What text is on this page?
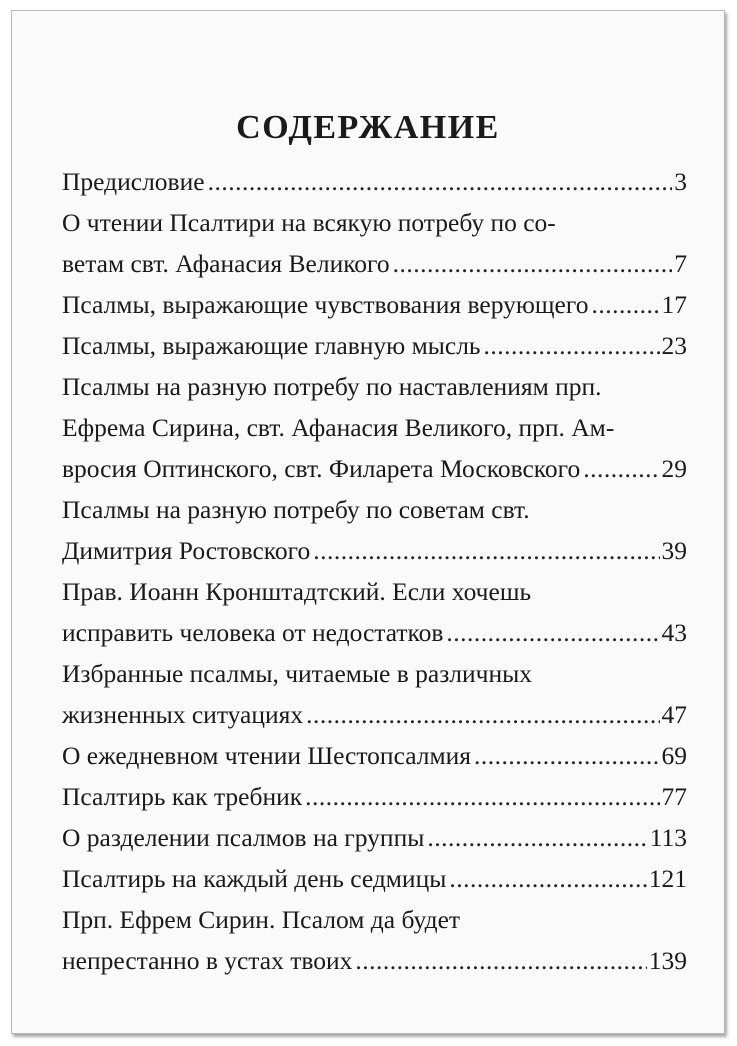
СОДЕРЖАНИЕ
Предисловие .....	3
О чтении Псалтири на всякую потребу по со-
ветам свт. Афанасия Великого .....	7
Псалмы, выражающие чувствования верующего .....	17
Псалмы, выражающие главную мысль .....	23
Псалмы на разную потребу по наставлениям прп.
Ефрема Сирина, свт. Афанасия Великого, прп. Ам-
вросия Оптинского, свт. Филарета Московского .....	29
Псалмы на разную потребу по советам свт.
Димитрия Ростовского .....	39
Прав. Иоанн Кронштадтский. Если хочешь
исправить человека от недостатков .....	43
Избранные псалмы, читаемые в различных
жизненных ситуациях .....	47
О ежедневном чтении Шестопсалмия .....	69
Псалтирь как требник .....	77
О разделении псалмов на группы .....	113
Псалтирь на каждый день седмицы .....	121
Прп. Ефрем Сирин. Псалом да будет
непрестанно в устах твоих .....	139
